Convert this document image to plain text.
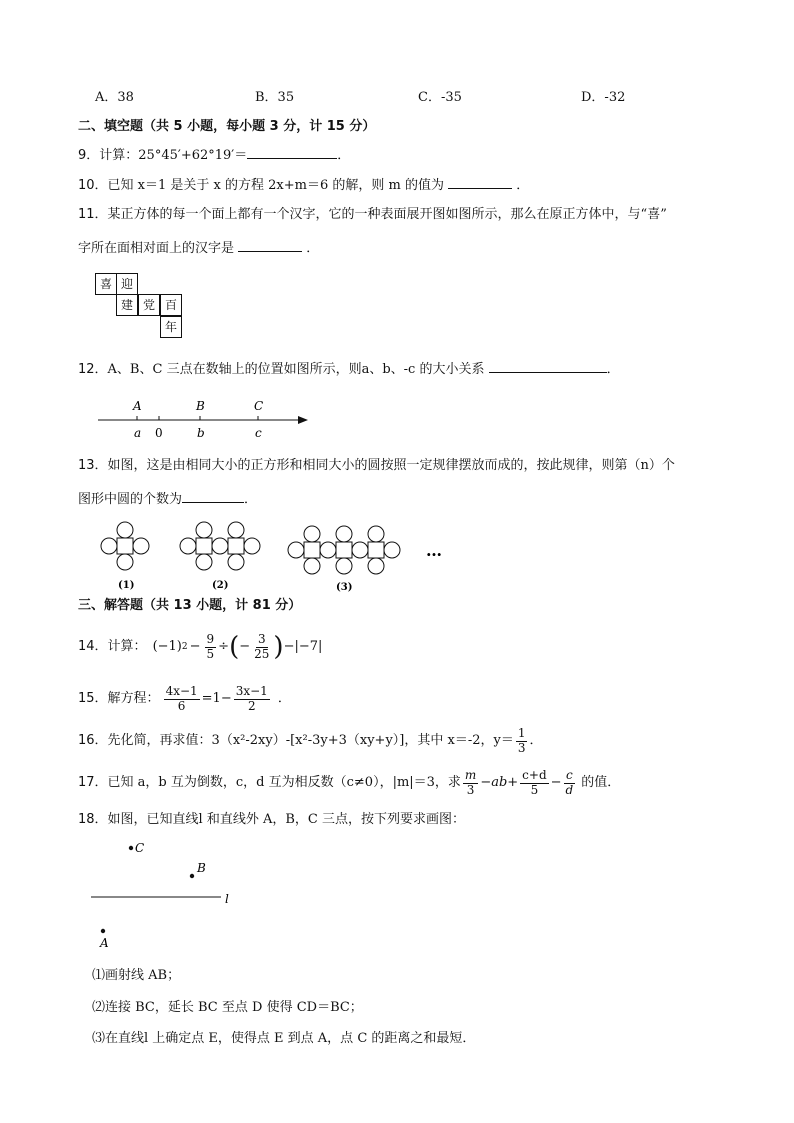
A．38	B．35	C．-35	D．-32
二、填空题（共 5 小题，每小题 3 分，计 15 分）
9．计算：25°45′+62°19′＝	．
10．已知 x＝1 是关于 x 的方程 2x+m＝6 的解，则 m 的值为	．
11．某正方体的每一个面上都有一个汉字，它的一种表面展开图如图所示，那么在原正方体中，与“喜”
字所在面相对面上的汉字是	．
喜 迎
建 党 百
年
12．A、B、C 三点在数轴上的位置如图所示，则a、b、-c 的大小关系	．
A	B	C
a 0	b	c
13．如图，这是由相同大小的正方形和相同大小的圆按照一定规律摆放而成的，按此规律，则第（n）个
图形中圆的个数为	．
(1)	(2)	(3)
…
三、解答题（共 13 小题，计 81 分）
14． 计算： (−1) $2 - \frac{9}{5}$ ÷ ( − $\frac{3}{25}$ ) −|−7|
15． 解方程： $\frac{4x-1}{6} =1- \frac{3x-1}{2}$ ．
16． 先化简，再求值：3（x²-2xy）-[x²-3y+3（xy+y）]，其中 x＝-2，$y= \frac{1}{3}$ ．
17． 已知 a，b 互为倒数，c，d 互为相反数（c≠0），|m|＝3，求 $\frac{m}{3} -ab+ \frac{c+d}{5} - \frac{c}{d}$ 的值．
18．如图，已知直线l 和直线外 A，B，C 三点，按下列要求画图：
C
B
l
A
⑴画射线 AB；
⑵连接 BC，延长 BC 至点 D 使得 CD＝BC；
⑶在直线l 上确定点 E，使得点 E 到点 A，点 C 的距离之和最短．
